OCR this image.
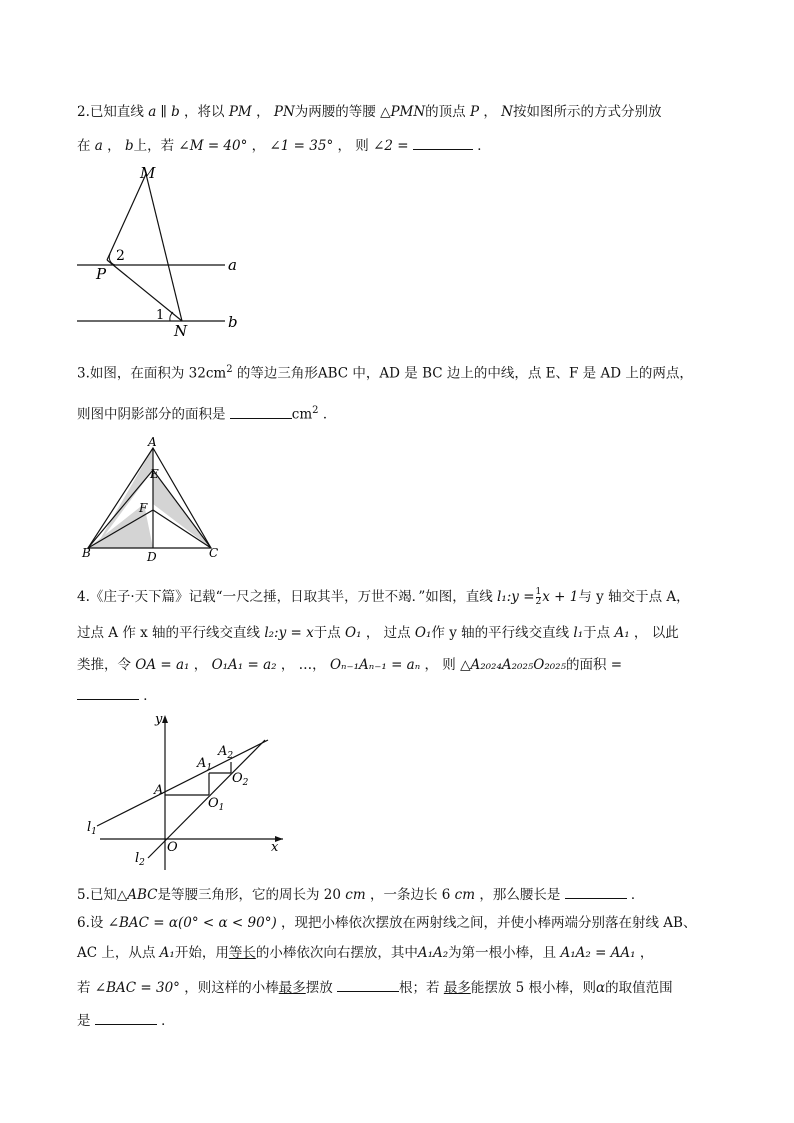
2.已知直线 a ∥ b ，将以 PM ， PN为两腰的等腰 △PMN的顶点 P ， N按如图所示的方式分别放
在 a ， b上，若 ∠M = 40° ， ∠1 = 35° ， 则 ∠2 =	．
M
P
N
2
1
a
b
3.如图，在面积为 $32cm^2$ 的等边三角形ABC 中，AD 是 BC 边上的中线，点 E、F 是 AD 上的两点，
则图中阴影部分的面积是	$cm^2$ ．
A
E
F
B	D	C
4.《庄子·天下篇》记载“一尺之捶，日取其半，万世不竭．”如图，直线 l₁:y = $\frac{1}{2}$ x + 1与 y 轴交于点 A，
过点 A 作 x 轴的平行线交直线 l₂:y = x于点 O₁ ， 过点 O₁作 y 轴的平行线交直线 l₁于点 A₁ ， 以此
类推，令 OA = a₁ ， O₁A₁ = a₂ ， …， Oₙ₋₁Aₙ₋₁ = aₙ ， 则 △A₂₀₂₄A₂₀₂₅O₂₀₂₅的面积 =
．
y
x
O
A
$l_1$
$l_2$
$O_1$
$A_1$
$A_2$
$O_2$
5.已知△ABC是等腰三角形，它的周长为 20 cm ，一条边长 6 cm ，那么腰长是	．
6.设 ∠BAC = α(0° < α < 90°) ，现把小棒依次摆放在两射线之间，并使小棒两端分别落在射线 AB、
AC 上，从点 A₁开始，用等长的小棒依次向右摆放，其中A₁A₂为第一根小棒，且 A₁A₂ = AA₁ ，
若 ∠BAC = 30° ，则这样的小棒最多摆放	根；若 最多能摆放 5 根小棒，则α的取值范围
是	．
